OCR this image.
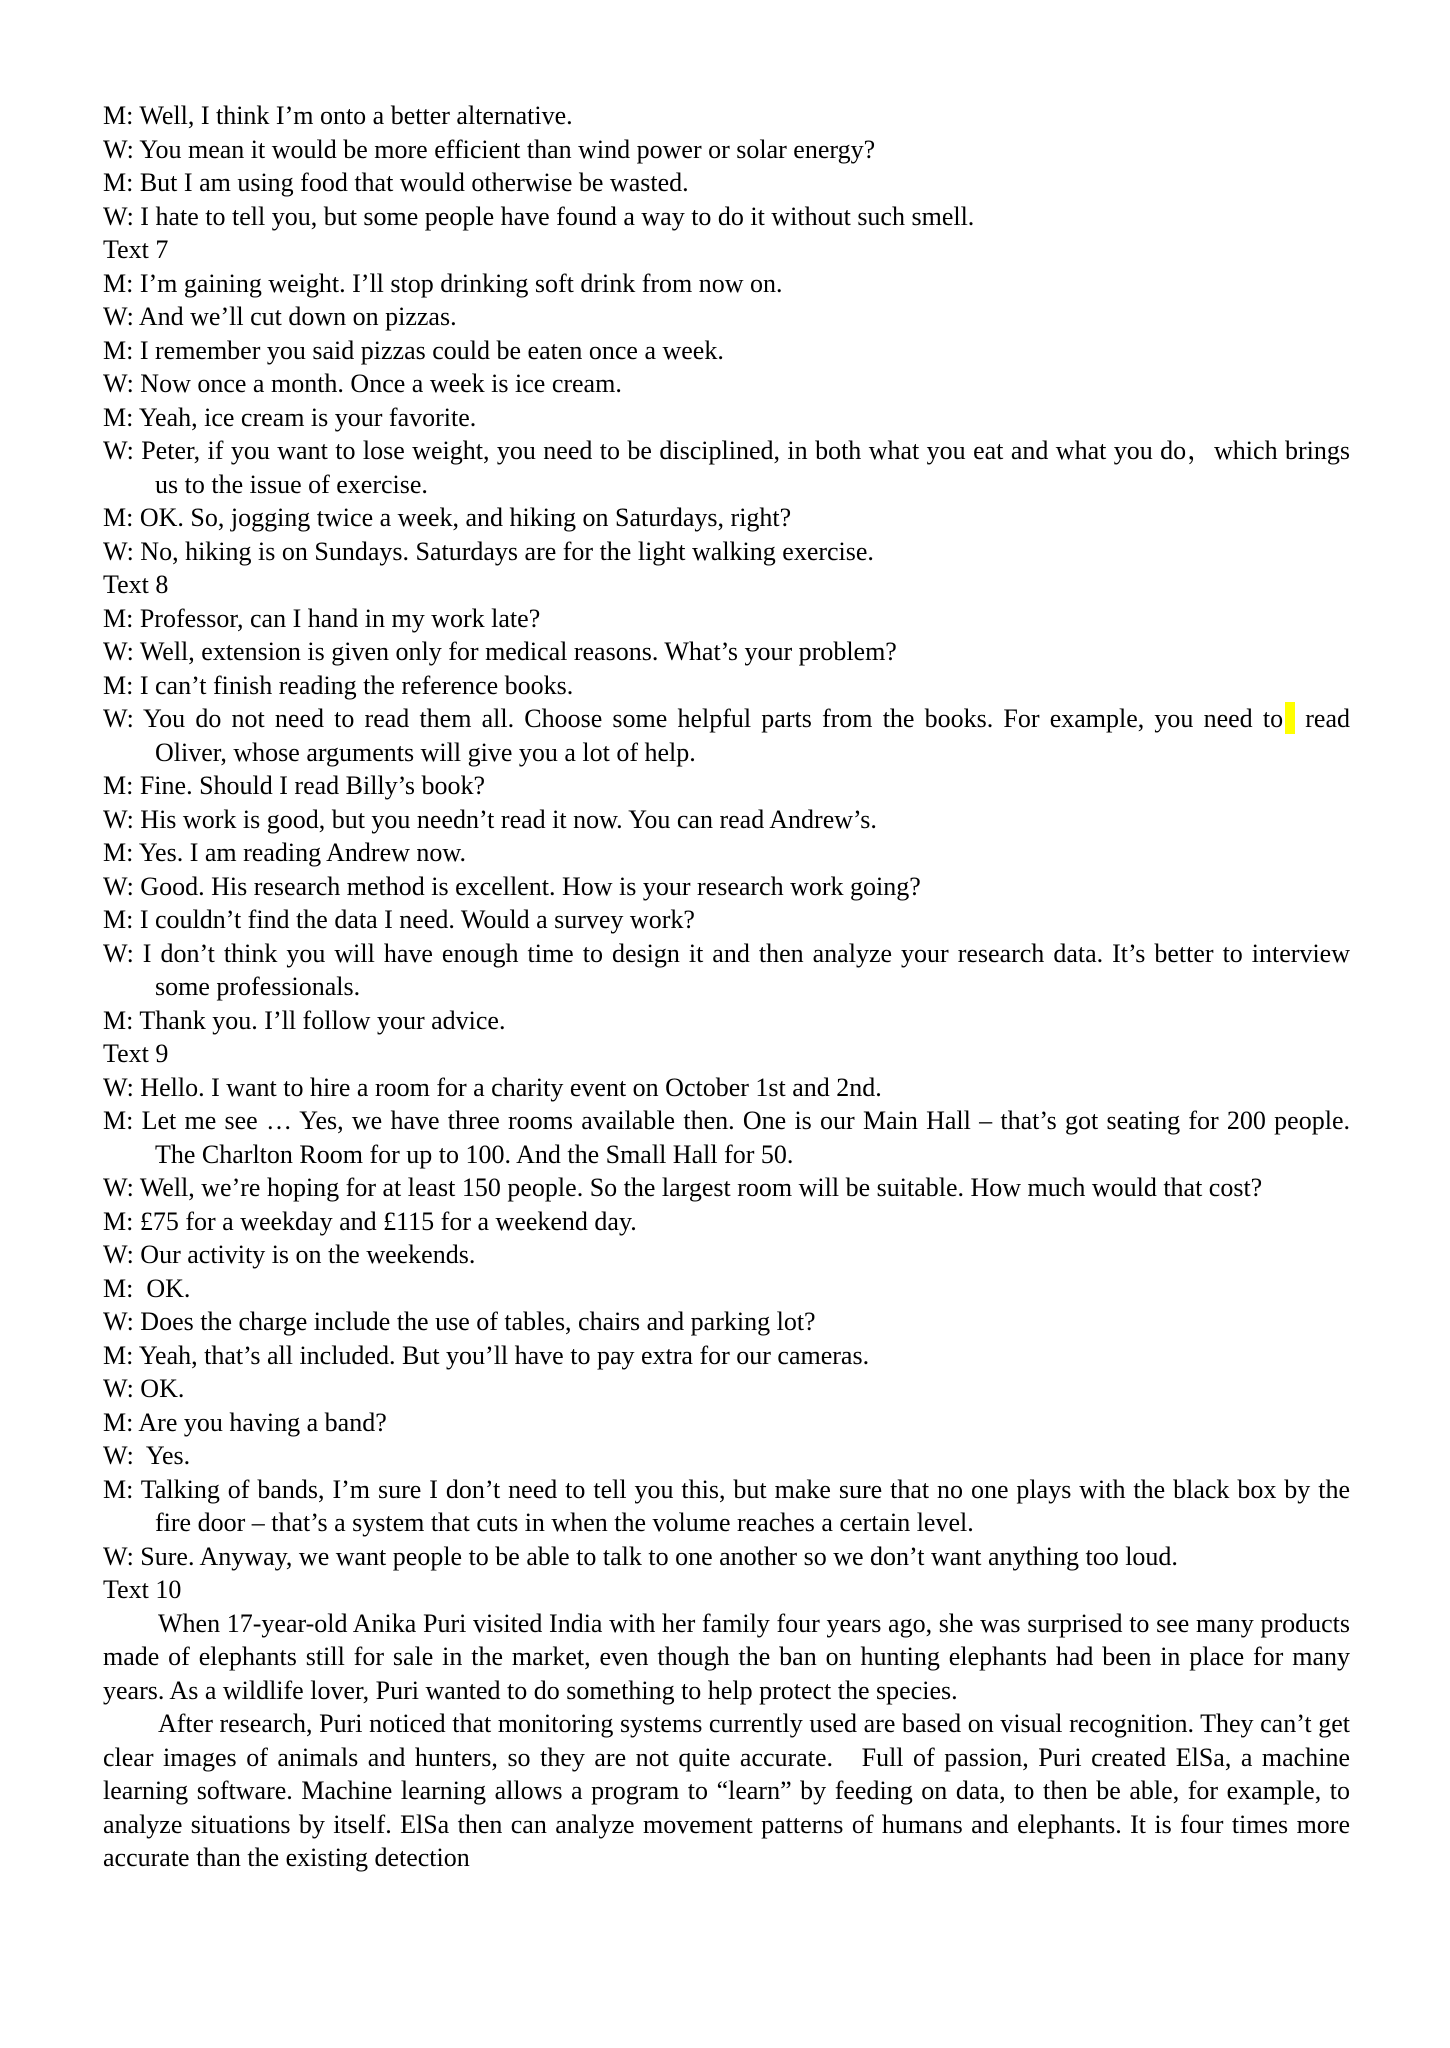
M: Well, I think I’m onto a better alternative.

W: You mean it would be more efficient than wind power or solar energy?

M: But I am using food that would otherwise be wasted.

W: I hate to tell you, but some people have found a way to do it without such smell.

Text 7

M: I’m gaining weight. I’ll stop drinking soft drink from now on.

W: And we’ll cut down on pizzas.

M: I remember you said pizzas could be eaten once a week.

W: Now once a month. Once a week is ice cream.

M: Yeah, ice cream is your favorite.

W: Peter, if you want to lose weight, you need to be disciplined, in both what you eat and what you do，which brings us to the issue of exercise.

M: OK. So, jogging twice a week, and hiking on Saturdays, right?

W: No, hiking is on Sundays. Saturdays are for the light walking exercise.

Text 8

M: Professor, can I hand in my work late?

W: Well, extension is given only for medical reasons. What’s your problem?

M: I can’t finish reading the reference books.

W: You do not need to read them all. Choose some helpful parts from the books. For example, you need to read Oliver, whose arguments will give you a lot of help.

M: Fine. Should I read Billy’s book?

W: His work is good, but you needn’t read it now. You can read Andrew’s.

M: Yes. I am reading Andrew now.

W: Good. His research method is excellent. How is your research work going?

M: I couldn’t find the data I need. Would a survey work?

W: I don’t think you will have enough time to design it and then analyze your research data. It’s better to interview some professionals.

M: Thank you. I’ll follow your advice.

Text 9

W: Hello. I want to hire a room for a charity event on October 1st and 2nd.

M: Let me see … Yes, we have three rooms available then. One is our Main Hall – that’s got seating for 200 people. The Charlton Room for up to 100. And the Small Hall for 50.

W: Well, we’re hoping for at least 150 people. So the largest room will be suitable. How much would that cost?

M: £75 for a weekday and £115 for a weekend day.

W: Our activity is on the weekends.

M:  OK.

W: Does the charge include the use of tables, chairs and parking lot?

M: Yeah, that’s all included. But you’ll have to pay extra for our cameras.

W: OK.

M: Are you having a band?

W:  Yes.

M: Talking of bands, I’m sure I don’t need to tell you this, but make sure that no one plays with the black box by the fire door – that’s a system that cuts in when the volume reaches a certain level.

W: Sure. Anyway, we want people to be able to talk to one another so we don’t want anything too loud.

Text 10

When 17-year-old Anika Puri visited India with her family four years ago, she was surprised to see many products made of elephants still for sale in the market, even though the ban on hunting elephants had been in place for many years. As a wildlife lover, Puri wanted to do something to help protect the species.

After research, Puri noticed that monitoring systems currently used are based on visual recognition. They can’t get clear images of animals and hunters, so they are not quite accurate.   Full of passion, Puri created ElSa, a machine learning software. Machine learning allows a program to “learn” by feeding on data, to then be able, for example, to analyze situations by itself. ElSa then can analyze movement patterns of humans and elephants. It is four times more accurate than the existing detection
